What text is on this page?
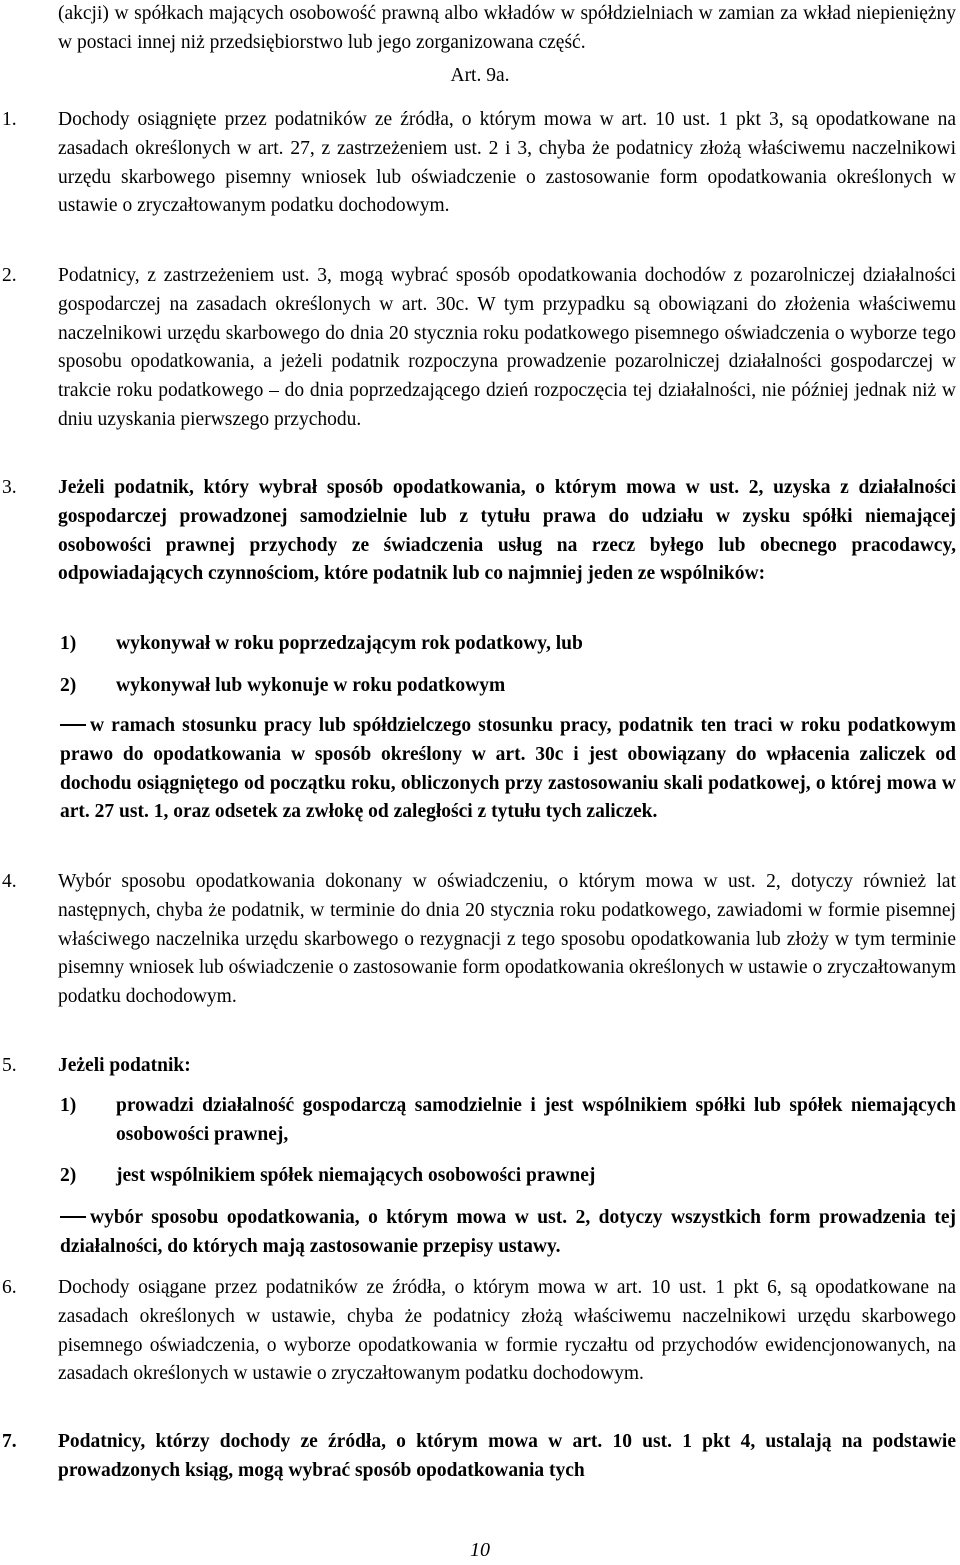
(akcji) w spółkach mających osobowość prawną albo wkładów w spółdzielniach w zamian za wkład niepieniężny w postaci innej niż przedsiębiorstwo lub jego zorganizowana część.
Art. 9a.
1. Dochody osiągnięte przez podatników ze źródła, o którym mowa w art. 10 ust. 1 pkt 3, są opodatkowane na zasadach określonych w art. 27, z zastrzeżeniem ust. 2 i 3, chyba że podatnicy złożą właściwemu naczelnikowi urzędu skarbowego pisemny wniosek lub oświadczenie o zastosowanie form opodatkowania określonych w ustawie o zryczałtowanym podatku dochodowym.
2. Podatnicy, z zastrzeżeniem ust. 3, mogą wybrać sposób opodatkowania dochodów z pozarolniczej działalności gospodarczej na zasadach określonych w art. 30c. W tym przypadku są obowiązani do złożenia właściwemu naczelnikowi urzędu skarbowego do dnia 20 stycznia roku podatkowego pisemnego oświadczenia o wyborze tego sposobu opodatkowania, a jeżeli podatnik rozpoczyna prowadzenie pozarolniczej działalności gospodarczej w trakcie roku podatkowego – do dnia poprzedzającego dzień rozpoczęcia tej działalności, nie później jednak niż w dniu uzyskania pierwszego przychodu.
3. Jeżeli podatnik, który wybrał sposób opodatkowania, o którym mowa w ust. 2, uzyska z działalności gospodarczej prowadzonej samodzielnie lub z tytułu prawa do udziału w zysku spółki niemającej osobowości prawnej przychody ze świadczenia usług na rzecz byłego lub obecnego pracodawcy, odpowiadających czynnościom, które podatnik lub co najmniej jeden ze wspólników:
1) wykonywał w roku poprzedzającym rok podatkowy, lub
2) wykonywał lub wykonuje w roku podatkowym
w ramach stosunku pracy lub spółdzielczego stosunku pracy, podatnik ten traci w roku podatkowym prawo do opodatkowania w sposób określony w art. 30c i jest obowiązany do wpłacenia zaliczek od dochodu osiągniętego od początku roku, obliczonych przy zastosowaniu skali podatkowej, o której mowa w art. 27 ust. 1, oraz odsetek za zwłokę od zaległości z tytułu tych zaliczek.
4. Wybór sposobu opodatkowania dokonany w oświadczeniu, o którym mowa w ust. 2, dotyczy również lat następnych, chyba że podatnik, w terminie do dnia 20 stycznia roku podatkowego, zawiadomi w formie pisemnej właściwego naczelnika urzędu skarbowego o rezygnacji z tego sposobu opodatkowania lub złoży w tym terminie pisemny wniosek lub oświadczenie o zastosowanie form opodatkowania określonych w ustawie o zryczałtowanym podatku dochodowym.
5. Jeżeli podatnik:
1) prowadzi działalność gospodarczą samodzielnie i jest wspólnikiem spółki lub spółek niemających osobowości prawnej,
2) jest wspólnikiem spółek niemających osobowości prawnej
wybór sposobu opodatkowania, o którym mowa w ust. 2, dotyczy wszystkich form prowadzenia tej działalności, do których mają zastosowanie przepisy ustawy.
6. Dochody osiągane przez podatników ze źródła, o którym mowa w art. 10 ust. 1 pkt 6, są opodatkowane na zasadach określonych w ustawie, chyba że podatnicy złożą właściwemu naczelnikowi urzędu skarbowego pisemnego oświadczenia, o wyborze opodatkowania w formie ryczałtu od przychodów ewidencjonowanych, na zasadach określonych w ustawie o zryczałtowanym podatku dochodowym.
7. Podatnicy, którzy dochody ze źródła, o którym mowa w art. 10 ust. 1 pkt 4, ustalają na podstawie prowadzonych ksiąg, mogą wybrać sposób opodatkowania tych
10
